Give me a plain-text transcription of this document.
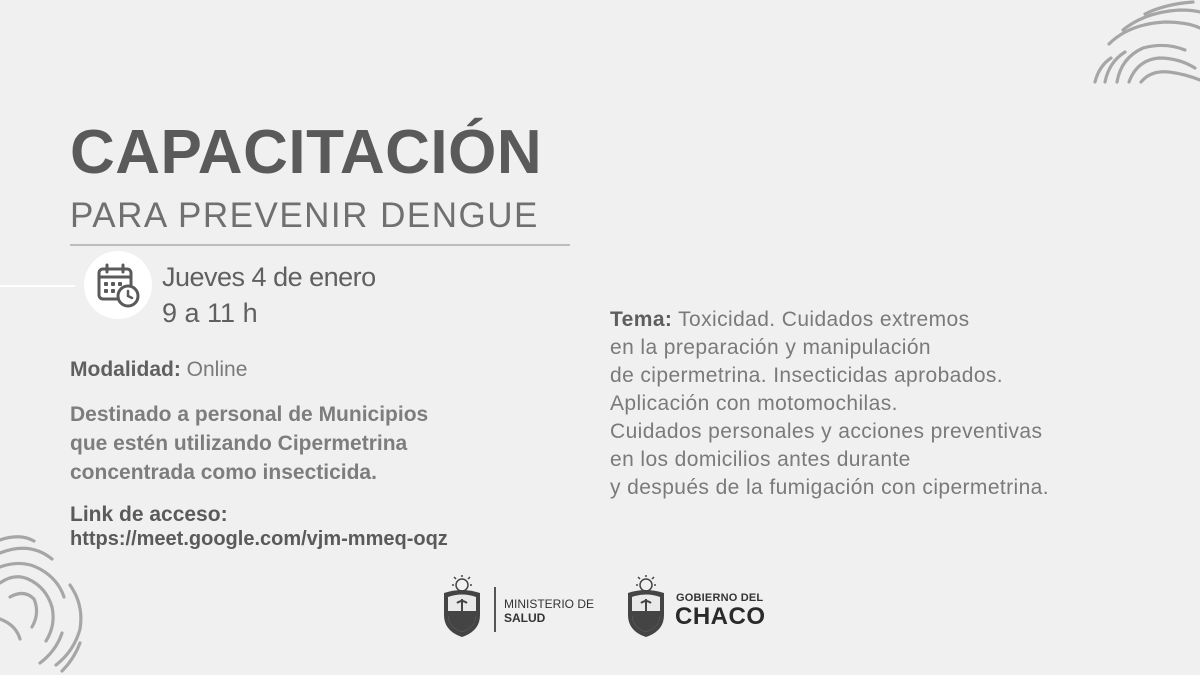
CAPACITACIÓN
PARA PREVENIR DENGUE
Jueves 4 de enero
9 a 11 h
Modalidad: Online
Destinado a personal de Municipios
que estén utilizando Cipermetrina
concentrada como insecticida.
Link de acceso:
https://meet.google.com/vjm-mmeq-oqz
Tema: Toxicidad. Cuidados extremos
en la preparación y manipulación
de cipermetrina. Insecticidas aprobados.
Aplicación con motomochilas.
Cuidados personales y acciones preventivas
en los domicilios antes durante
y después de la fumigación con cipermetrina.
MINISTERIO DE
SALUD
GOBIERNO DEL
CHACO
